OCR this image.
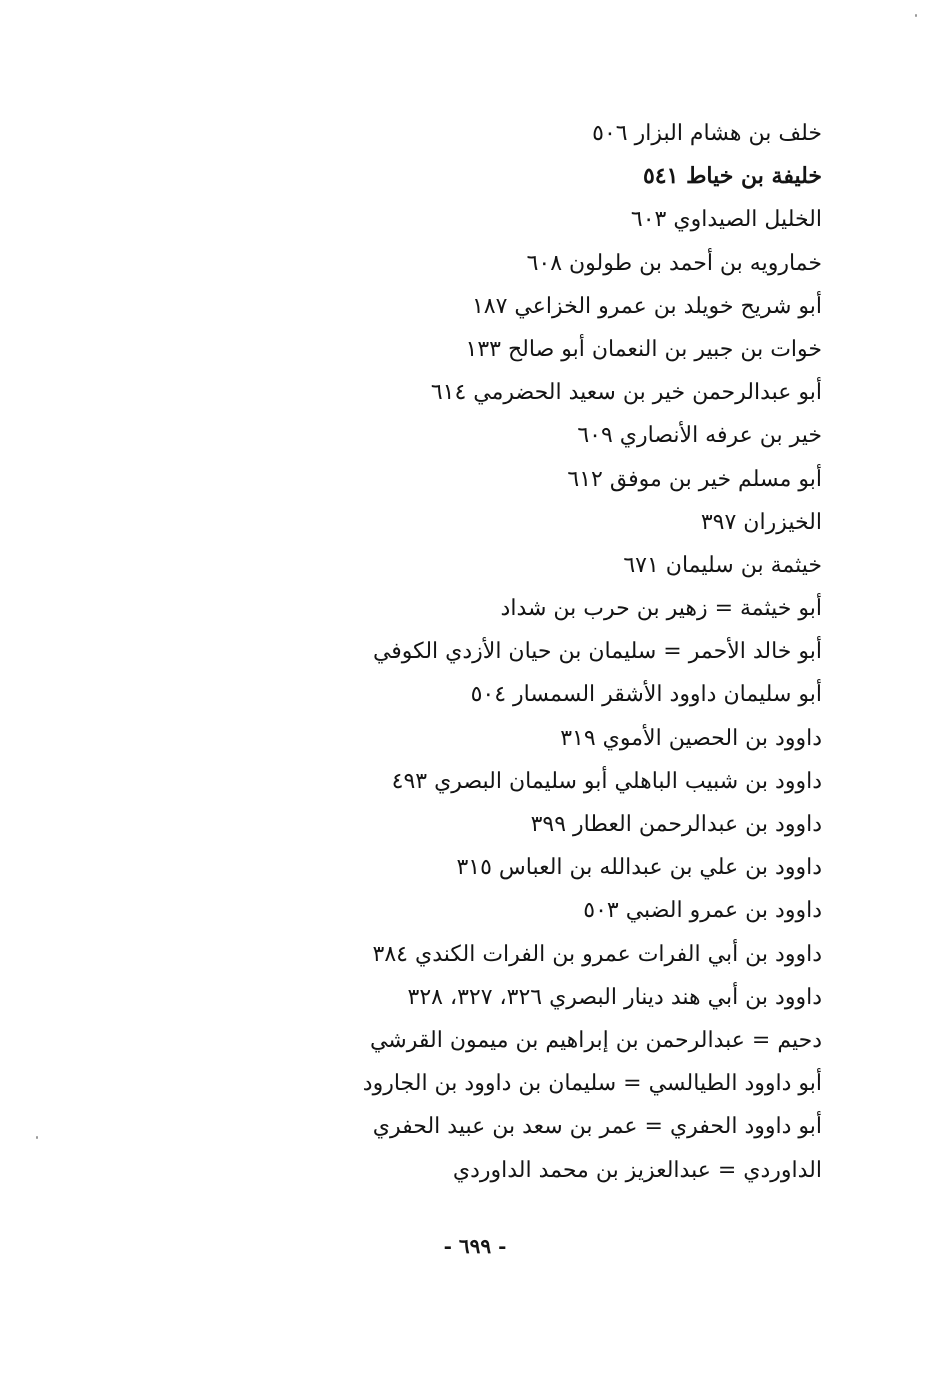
خلف بن هشام البزار ٥٠٦
خليفة بن خياط ٥٤١
الخليل الصيداوي ٦٠٣
خمارويه بن أحمد بن طولون ٦٠٨
أبو شريح خويلد بن عمرو الخزاعي ١٨٧
خوات بن جبير بن النعمان أبو صالح ١٣٣
أبو عبدالرحمن خير بن سعيد الحضرمي ٦١٤
خير بن عرفه الأنصاري ٦٠٩
أبو مسلم خير بن موفق ٦١٢
الخيزران ٣٩٧
خيثمة بن سليمان ٦٧١
أبو خيثمة = زهير بن حرب بن شداد
أبو خالد الأحمر = سليمان بن حيان الأزدي الكوفي
أبو سليمان داوود الأشقر السمسار ٥٠٤
داوود بن الحصين الأموي ٣١٩
داوود بن شبيب الباهلي أبو سليمان البصري ٤٩٣
داوود بن عبدالرحمن العطار ٣٩٩
داوود بن علي بن عبدالله بن العباس ٣١٥
داوود بن عمرو الضبي ٥٠٣
داوود بن أبي الفرات عمرو بن الفرات الكندي ٣٨٤
داوود بن أبي هند دينار البصري ٣٢٦، ٣٢٧، ٣٢٨
دحيم = عبدالرحمن بن إبراهيم بن ميمون القرشي
أبو داوود الطيالسي = سليمان بن داوود بن الجارود
أبو داوود الحفري = عمر بن سعد بن عبيد الحفري
الداوردي = عبدالعزيز بن محمد الداوردي
- ٦٩٩ -
